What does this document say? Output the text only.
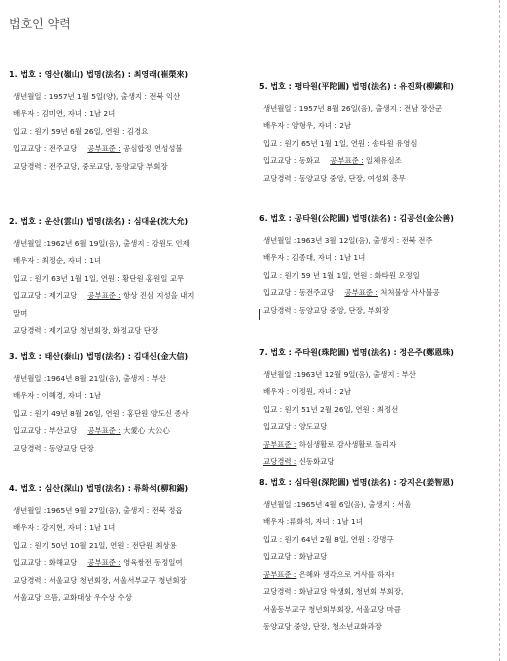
법호인 약력
1. 법호 : 영산(嶺山) 법명(法名) : 최영래(崔榮來)
생년월일 : 1957년 1월 5일(양), 출생지 : 전북 익산
배우자 : 김미연, 자녀 : 1남 2녀
입교 : 원기 59년 6월 26일, 연원 : 김경요
입교교당 : 전주교당 공부표준 : 공심합정 연성성불
교당경력 : 전주교당, 중로교당, 동양교당 부회장
2. 법호 : 운산(雲山) 법명(法名) : 심대윤(沈大允)
생년월일 :1962년 6월 19일(음), 출생지 : 강원도 인제
배우자 : 최정순, 자녀 : 1녀
입교 : 원기 63년 1월 1일, 연원 : 황단원 홍원일 교무
입교교당 : 제기교당 공부표준 : 항상 진심 지성을 내지
말며
교당경력 : 제기교당 청년회장, 화정교당 단장
3. 법호 : 태산(泰山) 법명(法名) : 김대신(金大信)
생년월일 :1964년 8월 21일(음), 출생지 : 부산
배우자 : 이혜경, 자녀 : 1남
입교 : 원기 49년 8월 26일, 연원 : 홍단원 양도신 종사
입교교당 : 부산교당 공부표준 : 大愛心 大公心
교당경력 : 동양교당 단장
4. 법호 : 심산(深山) 법명(法名) : 류화석(柳和錫)
생년월일 :1965년 9월 27일(음), 출생지 : 전북 정읍
배우자 : 강지현, 자녀 : 1남 1녀
입교 : 원기 50년 10월 21일, 연원 : 전단원 최상용
입교교당 : 화해교당 공부표준 : 영육쌍전 동정일여
교당경력 : 서울교당 청년회장, 서울서부교구 청년회장
서울교당 으뜸, 교화대상 우수상 수상
5. 법호 : 평타원(平陀圓) 법명(法名) : 유진화(柳鎭和)
생년월일 : 1957년 8월 26일(음), 출생지 : 전남 장산군
배우자 : 양형우, 자녀 : 2남
입교 : 원기 65년 1월 1일, 연원 : 송타원 유영심
입교교당 : 동화교 공부표준 : 일체유심조
교당경력 : 동양교당 중앙, 단장, 여성회 총무
6. 법호 : 공타원(公陀圓) 법명(法名) : 김공선(金公善)
생년월일 :1963년 3월 12일(음), 출생지 : 전북 전주
배우자 : 김종대, 자녀 : 1남 1녀
입교 : 원기 59 년 1월 1일, 연원 : 화타원 오정일
입교교당 : 동전주교당 공부표준 : 처처불상 사사불공
교당경력 : 동양교당 중앙, 단장, 부회장
7. 법호 : 주타원(珠陀圓) 법명(法名) : 정은주(鄭恩珠)
생년월일 :1963년 12월 9일(음), 출생지 : 부산
배우자 : 이정원, 자녀 : 2남
입교 : 원기 51년 2월 26일, 연원 : 최정선
입교교당 : 양도교당
공부표준 : 하심생활로 감사생활로 돌리자
교당경력 : 신동화교당
8. 법호 : 심타원(深陀圓) 법명(法名) : 강지은(姜智恩)
생년월일 :1965년 4월 6일(음), 출생지 : 서울
배우자 :류화석, 자녀 : 1남 1녀
입교 : 원기 64년 2월 8일, 연원 : 강명구
입교교당 : 화남교당
공부표준 : 은혜와 생각으로 거사를 하자!
교당경력 : 화남교당 학생회, 청년회 부회장,
서울동부교구 청년회부회장, 서울교당 마큼
동양교당 중앙, 단장, 청소년교화과장
